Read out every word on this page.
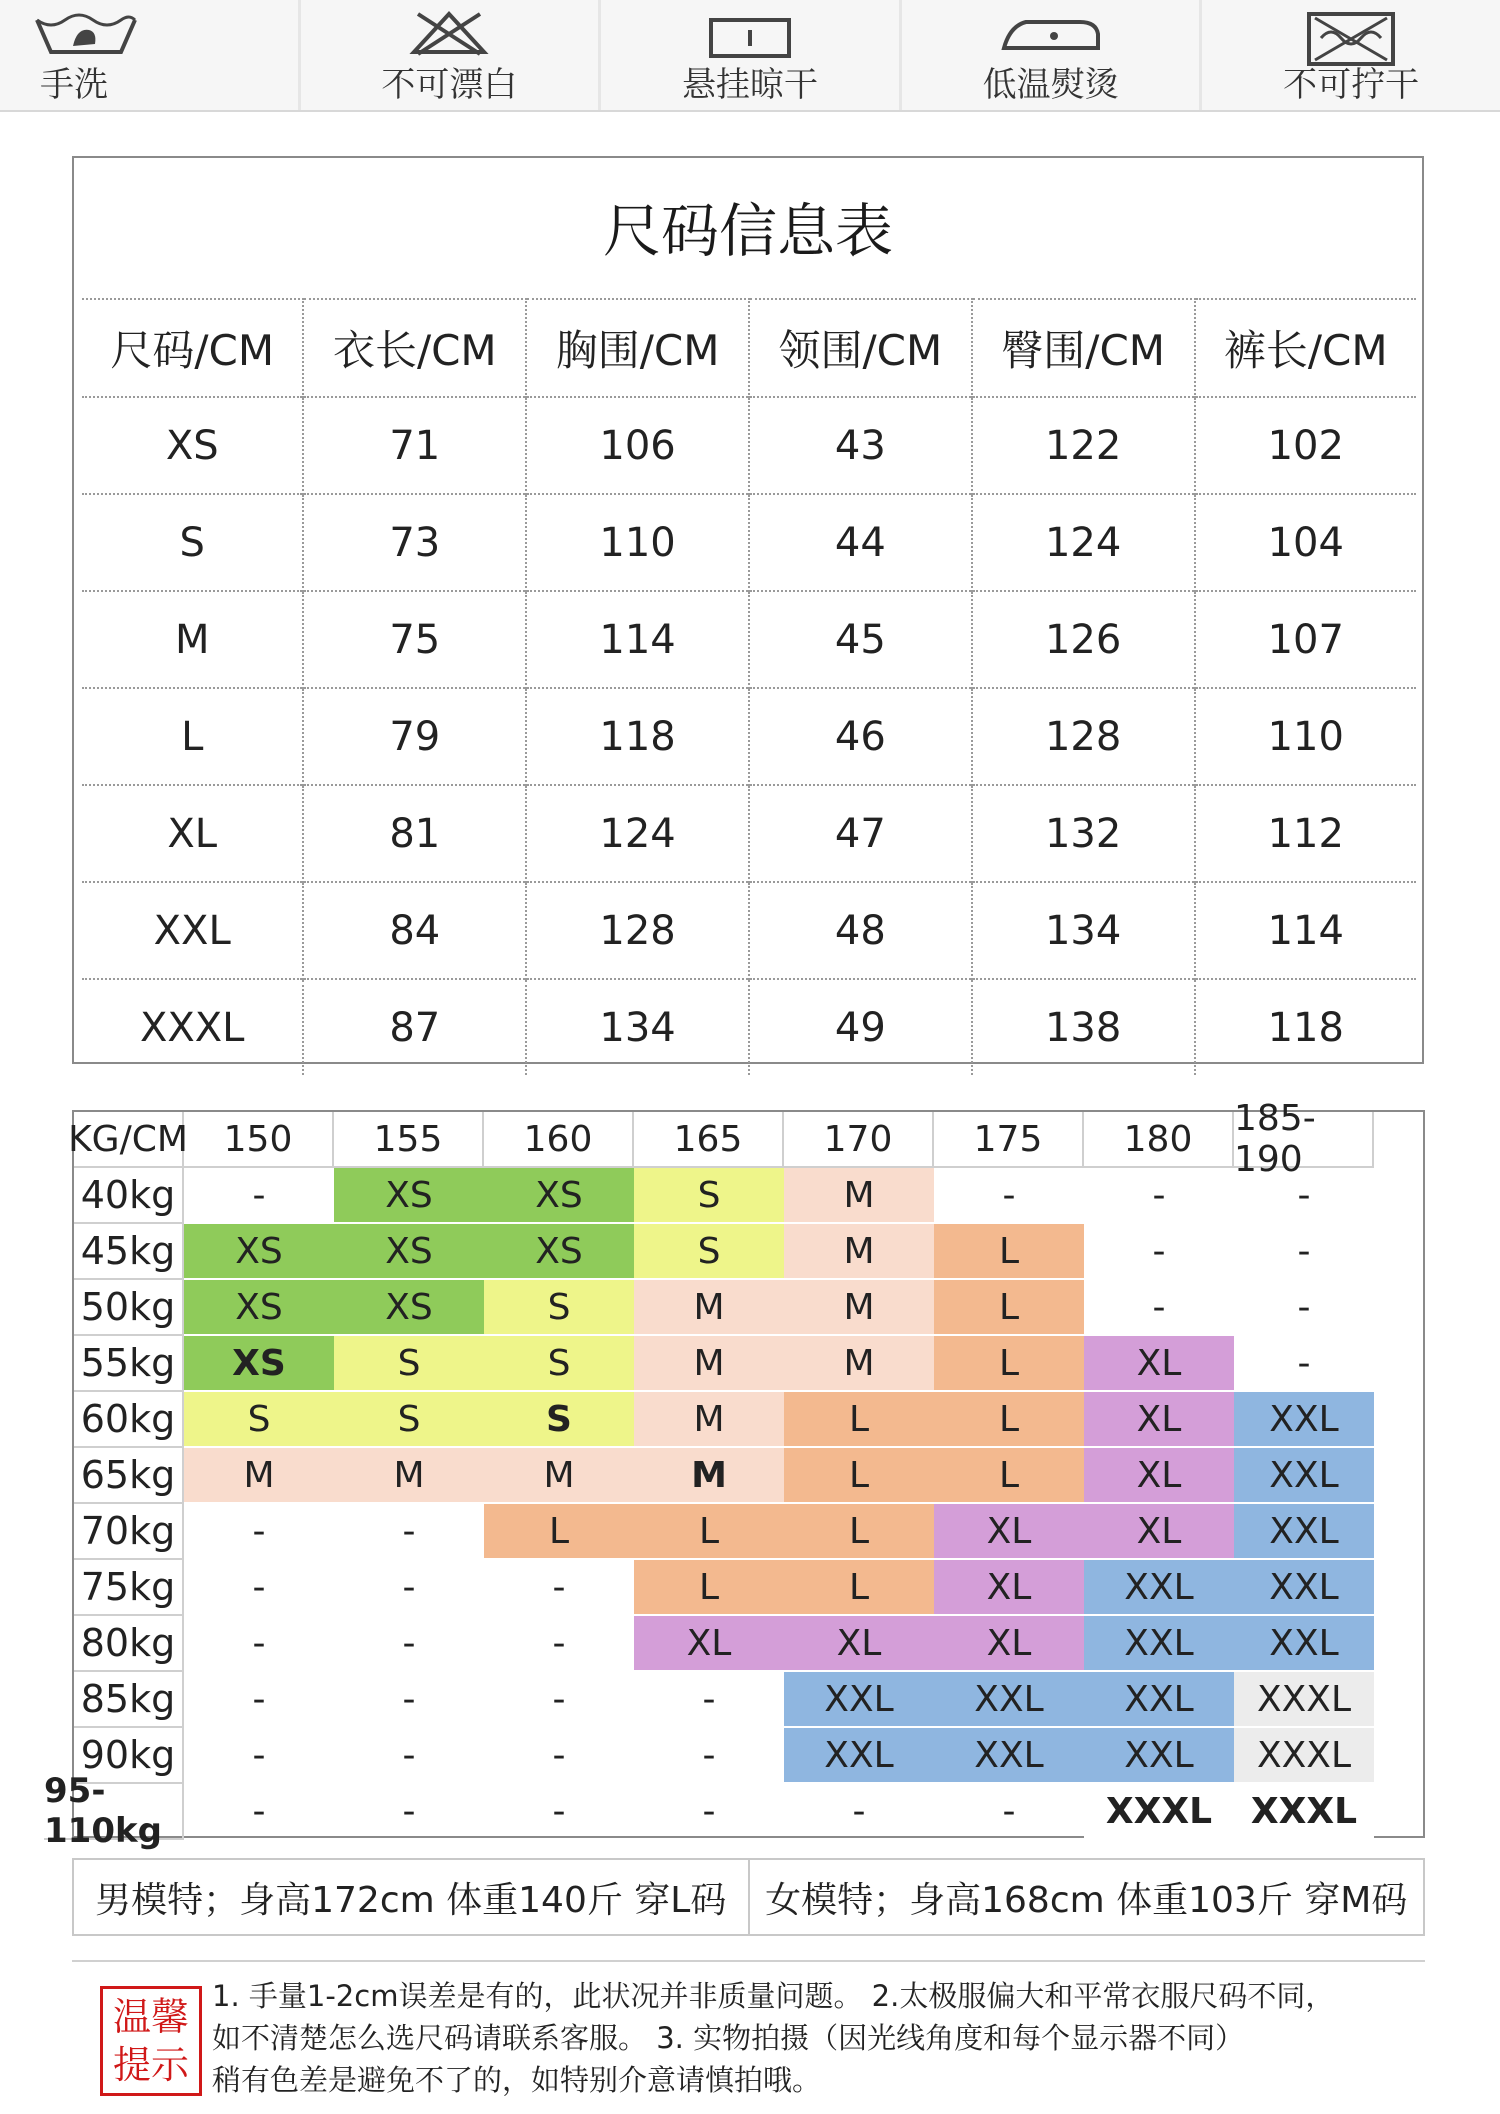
手洗	不可漂白	悬挂晾干	低温熨烫	不可拧干
尺码信息表
尺码/CM	衣长/CM	胸围/CM	领围/CM	臀围/CM	裤长/CM
XS	71	106	43	122	102
S	73	110	44	124	104
M	75	114	45	126	107
L	79	118	46	128	110
XL	81	124	47	132	112
XXL	84	128	48	134	114
XXXL	87	134	49	138	118
KG/CM 150	155	160	165	170	175	180	185-190
40kg	-	XS	XS	S	M	-	-	-
45kg	XS	XS	XS	S	M	L	-	-
50kg	XS	XS	S	M	M	L	-	-
55kg	XS	S	S	M	M	L	XL	-
60kg	S	S	S	M	L	L	XL	XXL
65kg	M	M	M	M	L	L	XL	XXL
70kg	-	-	L	L	L	XL	XL	XXL
75kg	-	-	-	L	L	XL	XXL	XXL
80kg	-	-	-	XL	XL	XL	XXL	XXL
85kg	-	-	-	-	XXL	XXL	XXL	XXXL
90kg	-	-	-	-	XXL	XXL	XXL	XXXL
95-110kg	-	-	-	-	-	-	XXXL	XXXL
男模特；身高172cm 体重140斤 穿L码	女模特；身高168cm 体重103斤 穿M码
温馨
提示
1. 手量1-2cm误差是有的，此状况并非质量问题。 2.太极服偏大和平常衣服尺码不同，
如不清楚怎么选尺码请联系客服。 3. 实物拍摄（因光线角度和每个显示器不同）
稍有色差是避免不了的，如特别介意请慎拍哦。
